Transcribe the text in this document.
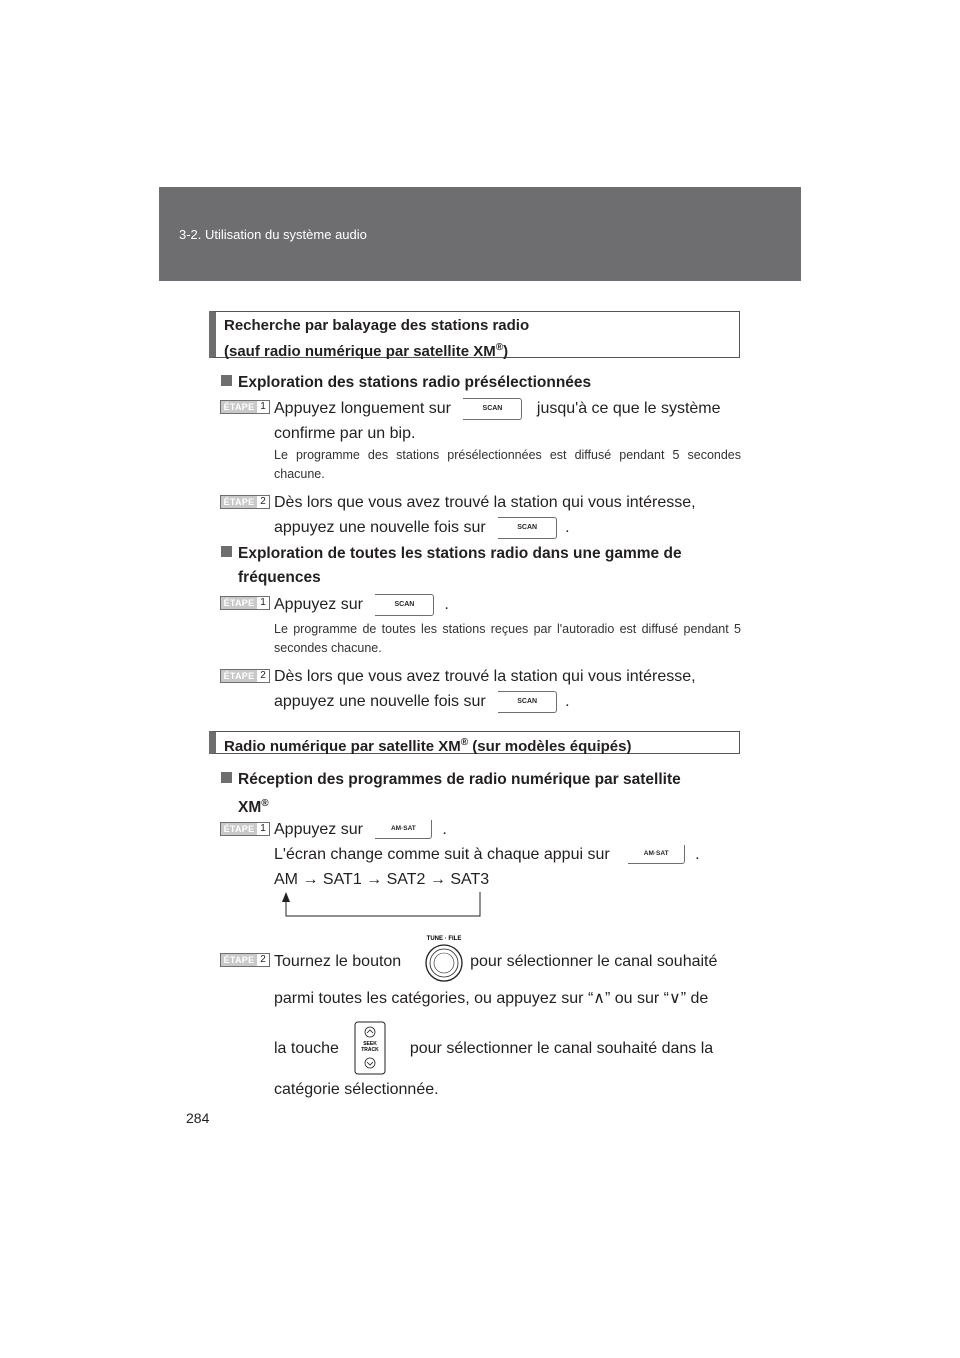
3-2. Utilisation du système audio
Recherche par balayage des stations radio
(sauf radio numérique par satellite XM®)
Exploration des stations radio présélectionnées
ÉTAPE 1 Appuyez longuement sur	SCAN jusqu'à ce que le système
confirme par un bip.
Le programme des stations présélectionnées est diffusé pendant 5 secondes chacune.
ÉTAPE 2 Dès lors que vous avez trouvé la station qui vous intéresse,
appuyez une nouvelle fois sur	SCAN .
Exploration de toutes les stations radio dans une gamme de
fréquences
ÉTAPE 1 Appuyez sur	SCAN .
Le programme de toutes les stations reçues par l'autoradio est diffusé pendant 5 secondes chacune.
ÉTAPE 2 Dès lors que vous avez trouvé la station qui vous intéresse,
appuyez une nouvelle fois sur	SCAN .
Radio numérique par satellite XM® (sur modèles équipés)
Réception des programmes de radio numérique par satellite
XM®
ÉTAPE 1 Appuyez sur	AM·SAT .
L'écran change comme suit à chaque appui sur	AM·SAT .
AM → SAT1 → SAT2 → SAT3
ÉTAPE 2 Tournez le bouton	pour sélectionner le canal souhaité
TUNE · FILE
parmi toutes les catégories, ou appuyez sur “∧” ou sur “∨” de
la touche	pour sélectionner le canal souhaité dans la
SEEK
TRACK
catégorie sélectionnée.
284
